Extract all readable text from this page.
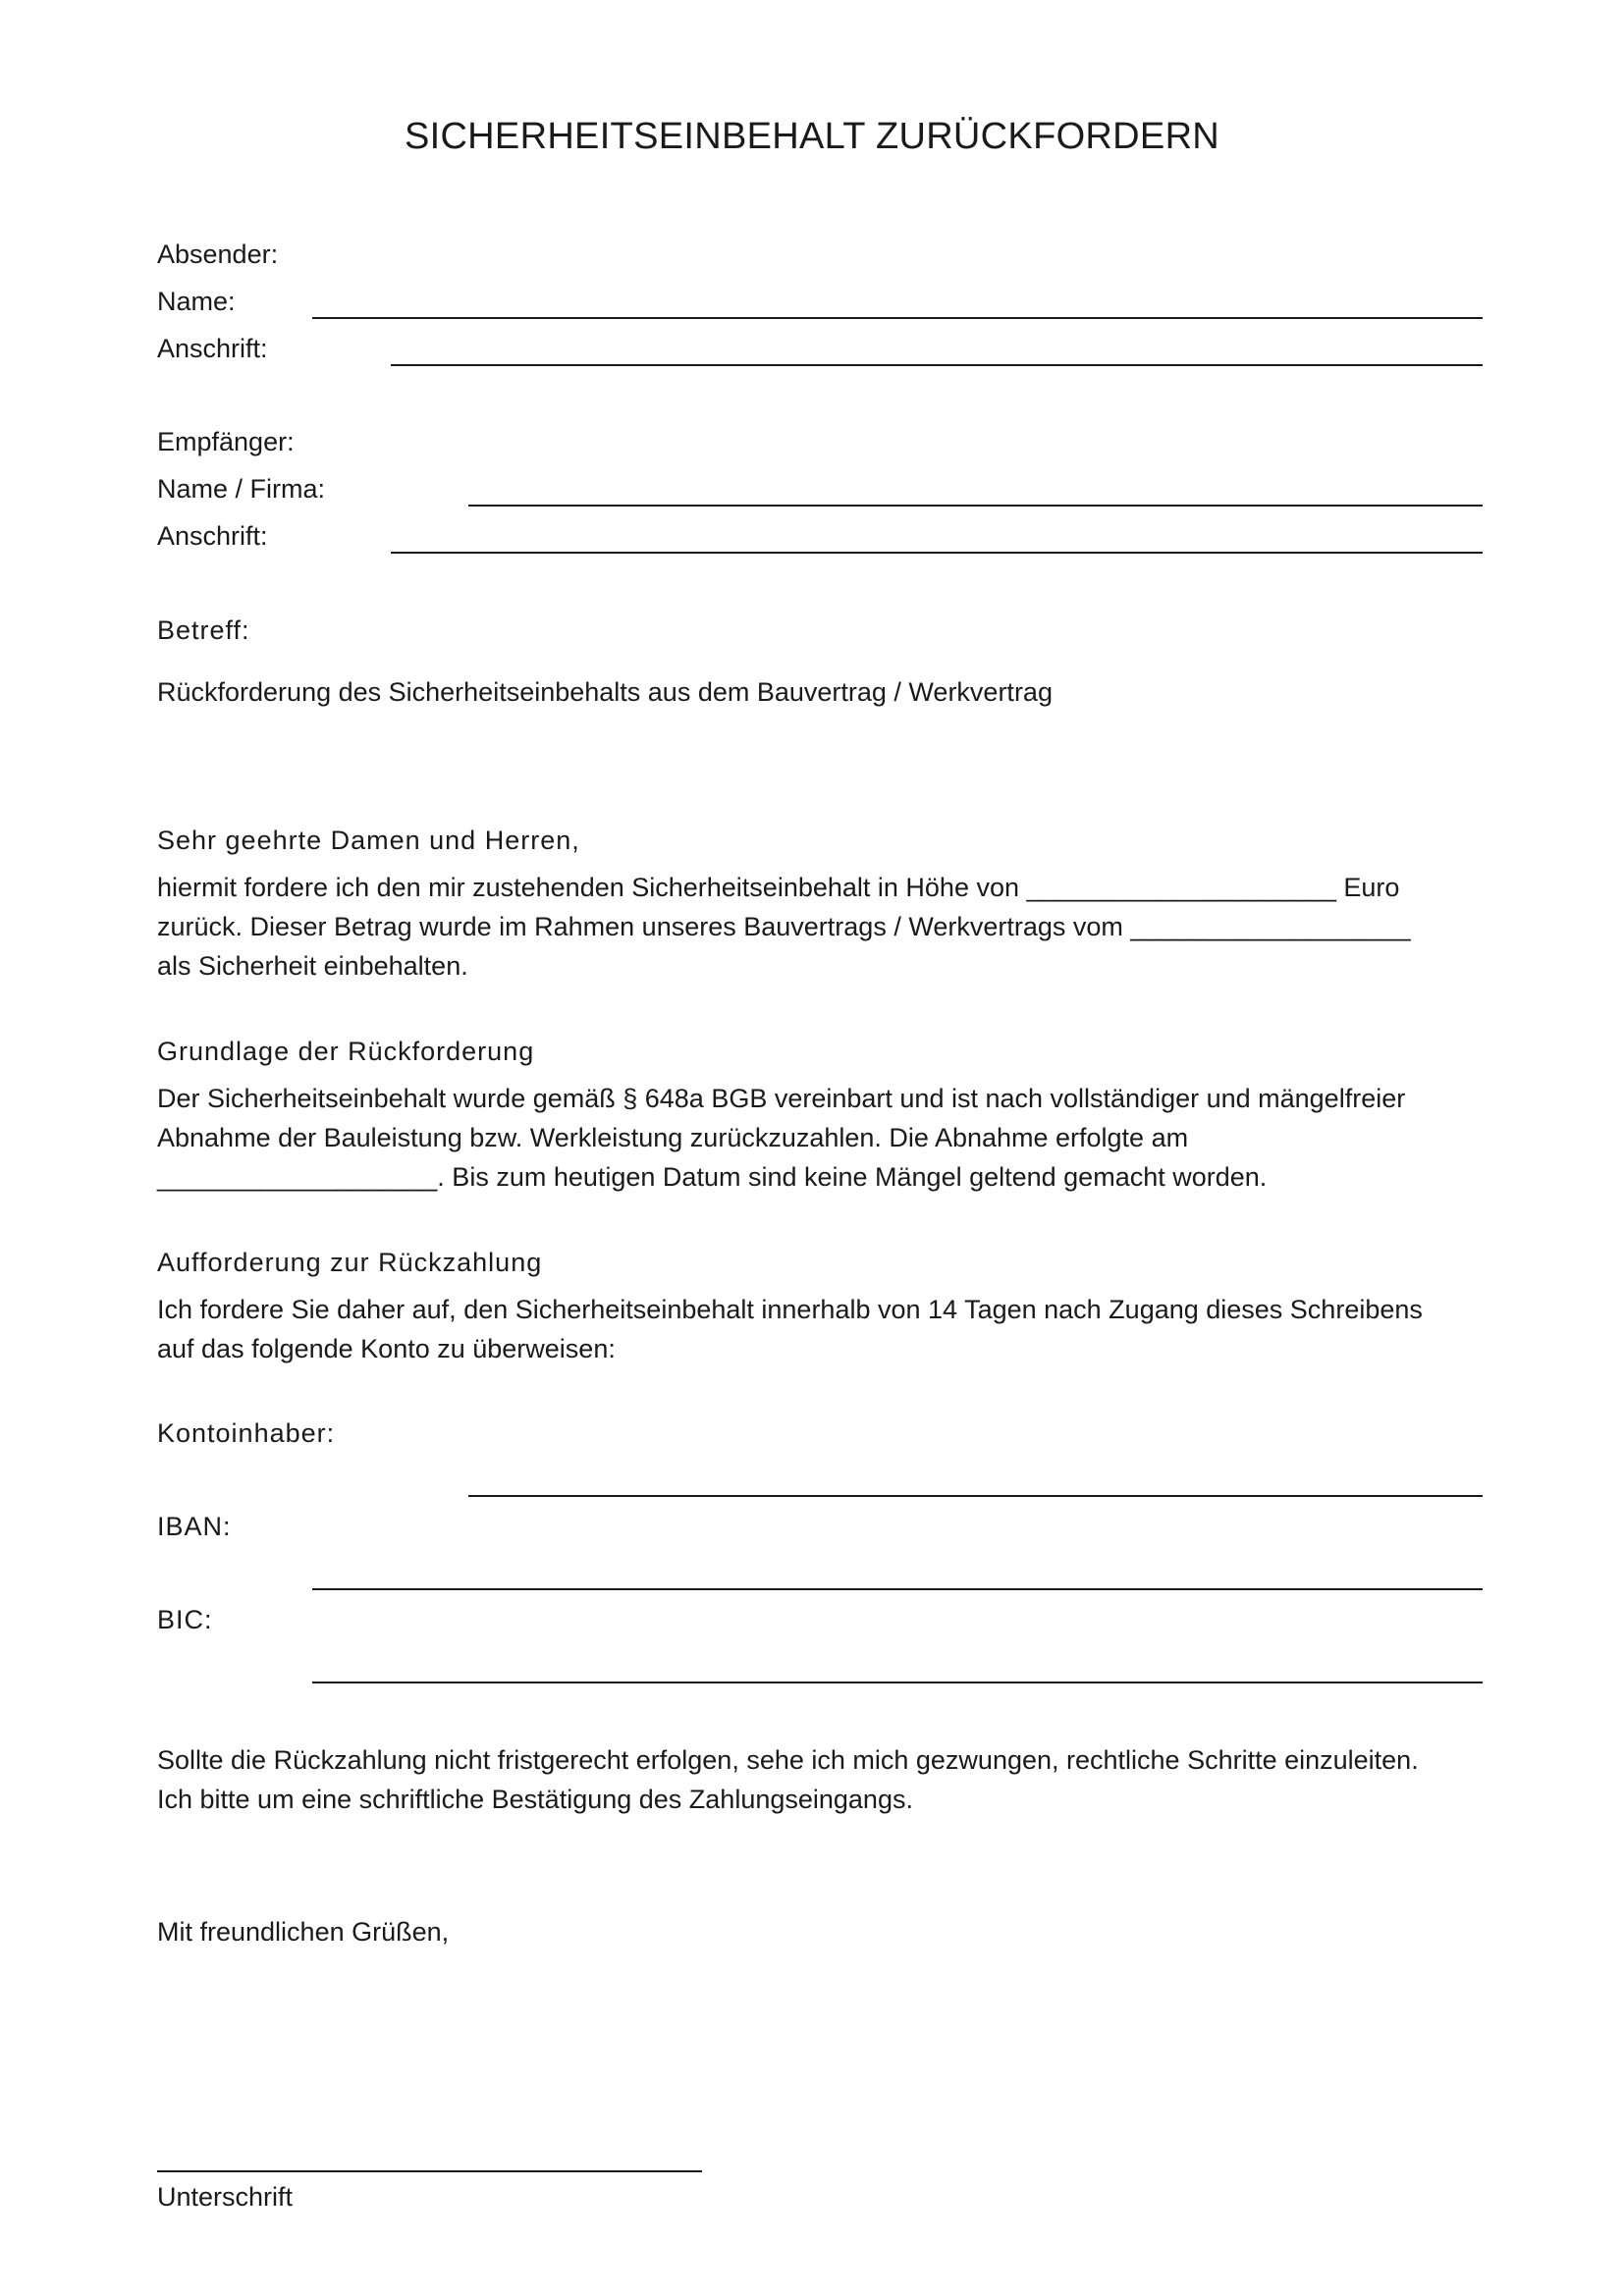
SICHERHEITSEINBEHALT ZURÜCKFORDERN
Absender:
Name:
Anschrift:
Empfänger:
Name / Firma:
Anschrift:
Betreff:
Rückforderung des Sicherheitseinbehalts aus dem Bauvertrag / Werkvertrag
Sehr geehrte Damen und Herren,
hiermit fordere ich den mir zustehenden Sicherheitseinbehalt in Höhe von _____________________ Euro
zurück. Dieser Betrag wurde im Rahmen unseres Bauvertrags / Werkvertrags vom ___________________
als Sicherheit einbehalten.
Grundlage der Rückforderung
Der Sicherheitseinbehalt wurde gemäß § 648a BGB vereinbart und ist nach vollständiger und mängelfreier
Abnahme der Bauleistung bzw. Werkleistung zurückzuzahlen. Die Abnahme erfolgte am
___________________. Bis zum heutigen Datum sind keine Mängel geltend gemacht worden.
Aufforderung zur Rückzahlung
Ich fordere Sie daher auf, den Sicherheitseinbehalt innerhalb von 14 Tagen nach Zugang dieses Schreibens
auf das folgende Konto zu überweisen:
Kontoinhaber:
IBAN:
BIC:
Sollte die Rückzahlung nicht fristgerecht erfolgen, sehe ich mich gezwungen, rechtliche Schritte einzuleiten.
Ich bitte um eine schriftliche Bestätigung des Zahlungseingangs.
Mit freundlichen Grüßen,
Unterschrift
